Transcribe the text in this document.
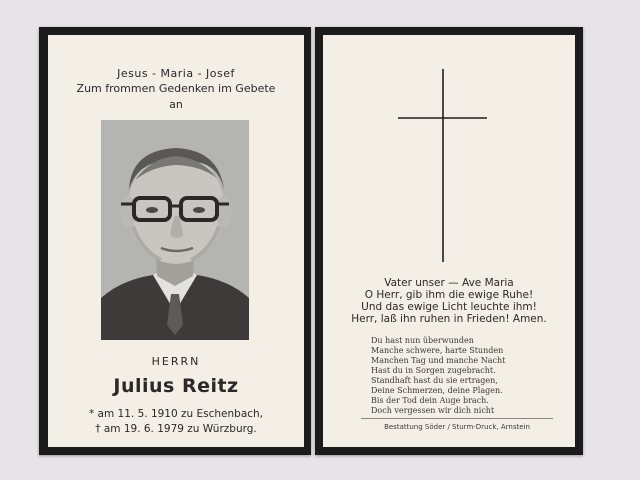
Jesus - Maria - Josef
Zum frommen Gedenken im Gebete
an
HERRN
Julius Reitz
* am 11. 5. 1910 zu Eschenbach,
† am 19. 6. 1979 zu Würzburg.
Vater unser — Ave Maria
O Herr, gib ihm die ewige Ruhe!
Und das ewige Licht leuchte ihm!
Herr, laß ihn ruhen in Frieden! Amen.
Du hast nun überwunden
Manche schwere, harte Stunden
Manchen Tag und manche Nacht
Hast du in Sorgen zugebracht.
Standhaft hast du sie ertragen,
Deine Schmerzen, deine Plagen.
Bis der Tod dein Auge brach.
Doch vergessen wir dich nicht
Bestattung Söder / Sturm-Druck, Arnstein
